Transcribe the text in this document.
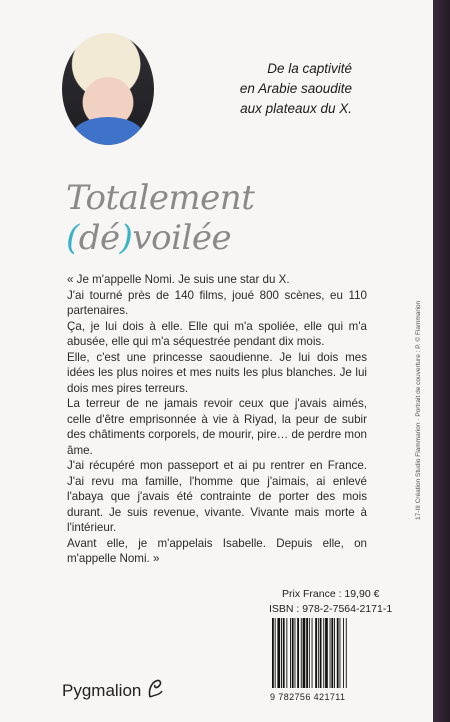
De la captivité
en Arabie saoudite
aux plateaux du X.
Totalement
(dé)voilée

« Je m'appelle Nomi. Je suis une star du X.

J'ai tourné près de 140 films, joué 800 scènes, eu 110 partenaires.

Ça, je lui dois à elle. Elle qui m'a spoliée, elle qui m'a abusée, elle qui m'a séquestrée pendant dix mois.

Elle, c'est une princesse saoudienne. Je lui dois mes idées les plus noires et mes nuits les plus blanches. Je lui dois mes pires terreurs.

La terreur de ne jamais revoir ceux que j'avais aimés, celle d'être emprisonnée à vie à Riyad, la peur de subir des châtiments corporels, de mourir, pire… de perdre mon âme.

J'ai récupéré mon passeport et ai pu rentrer en France. J'ai revu ma famille, l'homme que j'aimais, ai enlevé l'abaya que j'avais été contrainte de porter des mois durant. Je suis revenue, vivante. Vivante mais morte à l'intérieur.

Avant elle, je m'appelais Isabelle. Depuis elle, on m'appelle Nomi. »

17-III Création Studio Flammarion · Portrait de couverture : P. © Flammarion
Prix France : 19,90 €
ISBN : 978-2-7564-2171-1
9 782756 421711
Pygmalion
